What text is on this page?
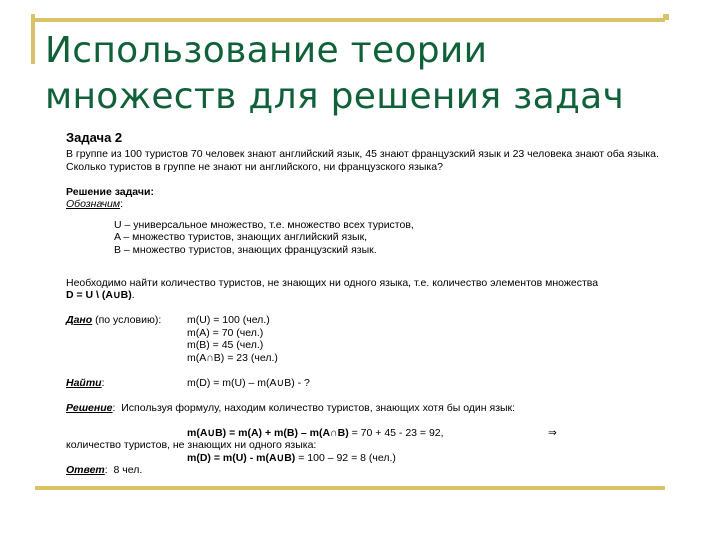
Использование теории множеств для решения задач

Задача 2

В группе из 100 туристов 70 человек знают английский язык, 45 знают французский язык и 23 человека знают оба языка. Сколько туристов в группе не знают ни английского, ни французского языка?

Решение задачи:

Обозначим:

U – универсальное множество, т.е. множество всех туристов,

A – множество туристов, знающих английский язык,

B – множество туристов, знающих французский язык.

Необходимо найти количество туристов, не знающих ни одного языка, т.е. количество элементов множества

D = U \ (A∪B).

Дано (по условию): m(U) = 100 (чел.)
m(A) = 70 (чел.)
m(B) = 45 (чел.)
m(A∩B) = 23 (чел.)
Найти:	m(D) = m(U) – m(A∪B) - ?

Решение: Используя формулу, находим количество туристов, знающих хотя бы один язык:

m(A∪B) = m(A) + m(B) – m(A∩B) = 70 + 45 - 23 = 92,	⇒

количество туристов, не знающих ни одного языка:

m(D) = m(U) - m(A∪B) = 100 – 92 = 8 (чел.)

Ответ: 8 чел.
